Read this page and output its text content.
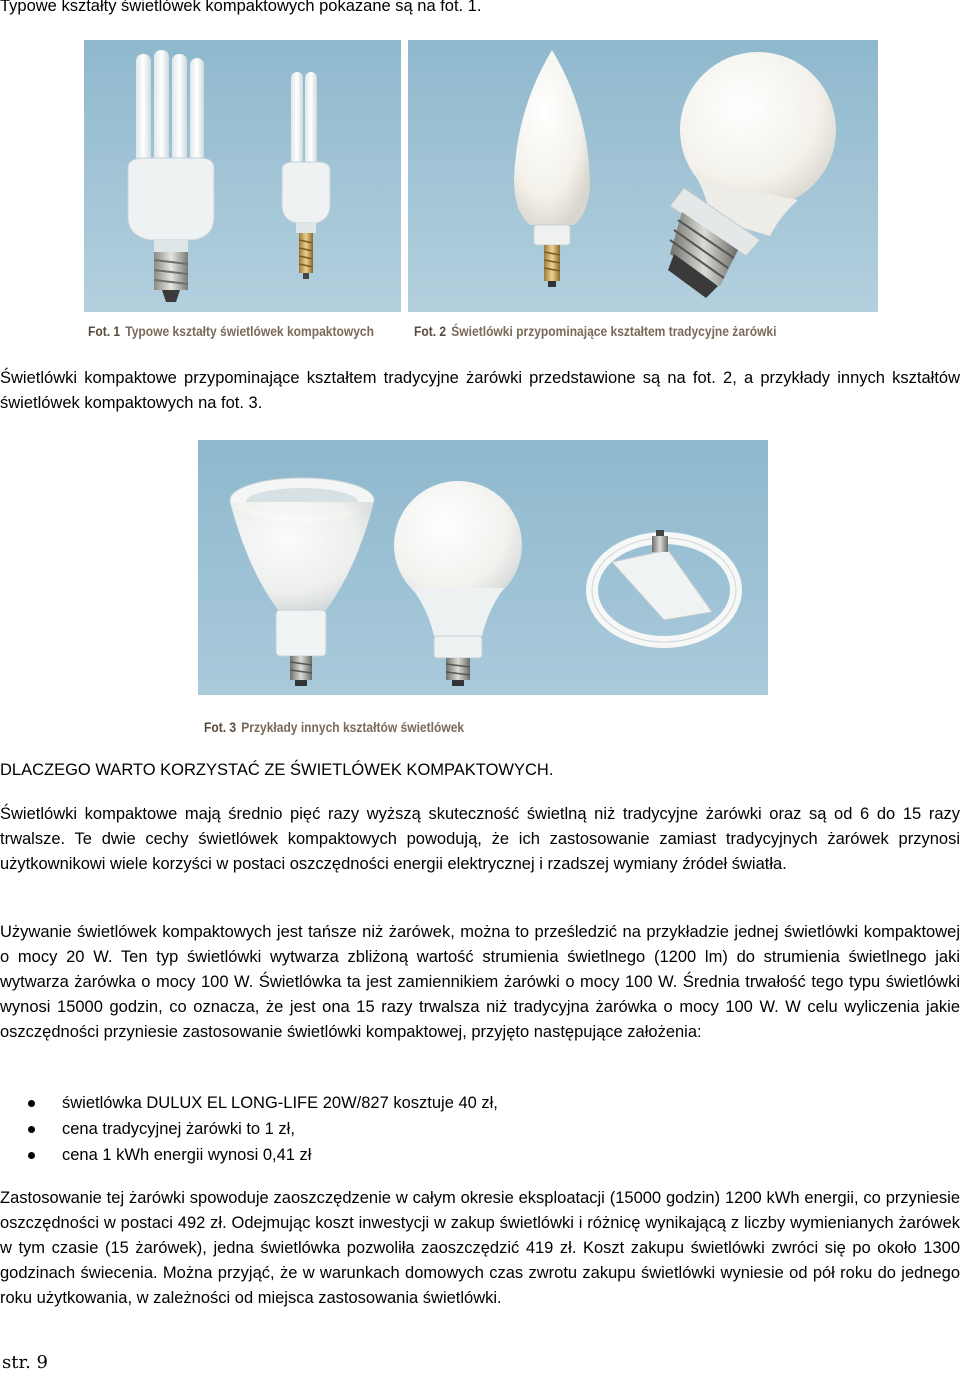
Typowe kształty świetlówek kompaktowych pokazane są na fot. 1.
Fot. 1 Typowe kształty świetlówek kompaktowych	Fot. 2 Świetlówki przypominające kształtem tradycyjne żarówki
Świetlówki kompaktowe przypominające kształtem tradycyjne żarówki przedstawione są na fot. 2, a przykłady innych kształtów świetlówek kompaktowych na fot. 3.
Fot. 3 Przykłady innych kształtów świetlówek
DLACZEGO WARTO KORZYSTAĆ ZE ŚWIETLÓWEK KOMPAKTOWYCH.
Świetlówki kompaktowe mają średnio pięć razy wyższą skuteczność świetlną niż tradycyjne żarówki oraz są od 6 do 15 razy trwalsze. Te dwie cechy świetlówek kompaktowych powodują, że ich zastosowanie zamiast tradycyjnych żarówek przynosi użytkownikowi wiele korzyści w postaci oszczędności energii elektrycznej i rzadszej wymiany źródeł światła.
Używanie świetlówek kompaktowych jest tańsze niż żarówek, można to prześledzić na przykładzie jednej świetlówki kompaktowej o mocy 20 W. Ten typ świetlówki wytwarza zbliżoną wartość strumienia świetlnego (1200 lm) do strumienia świetlnego jaki wytwarza żarówka o mocy 100 W. Świetlówka ta jest zamiennikiem żarówki o mocy 100 W. Średnia trwałość tego typu świetlówki wynosi 15000 godzin, co oznacza, że jest ona 15 razy trwalsza niż tradycyjna żarówka o mocy 100 W. W celu wyliczenia jakie oszczędności przyniesie zastosowanie świetlówki kompaktowej, przyjęto następujące założenia:
świetlówka DULUX EL LONG-LIFE 20W/827 kosztuje 40 zł,
cena tradycyjnej żarówki to 1 zł,
cena 1 kWh energii wynosi 0,41 zł
Zastosowanie tej żarówki spowoduje zaoszczędzenie w całym okresie eksploatacji (15000 godzin) 1200 kWh energii, co przyniesie oszczędności w postaci 492 zł. Odejmując koszt inwestycji w zakup świetlówki i różnicę wynikającą z liczby wymienianych żarówek w tym czasie (15 żarówek), jedna świetlówka pozwoliła zaoszczędzić 419 zł. Koszt zakupu świetlówki zwróci się po około 1300 godzinach świecenia. Można przyjąć, że w warunkach domowych czas zwrotu zakupu świetlówki wyniesie od pół roku do jednego roku użytkowania, w zależności od miejsca zastosowania świetlówki.
str. 9
